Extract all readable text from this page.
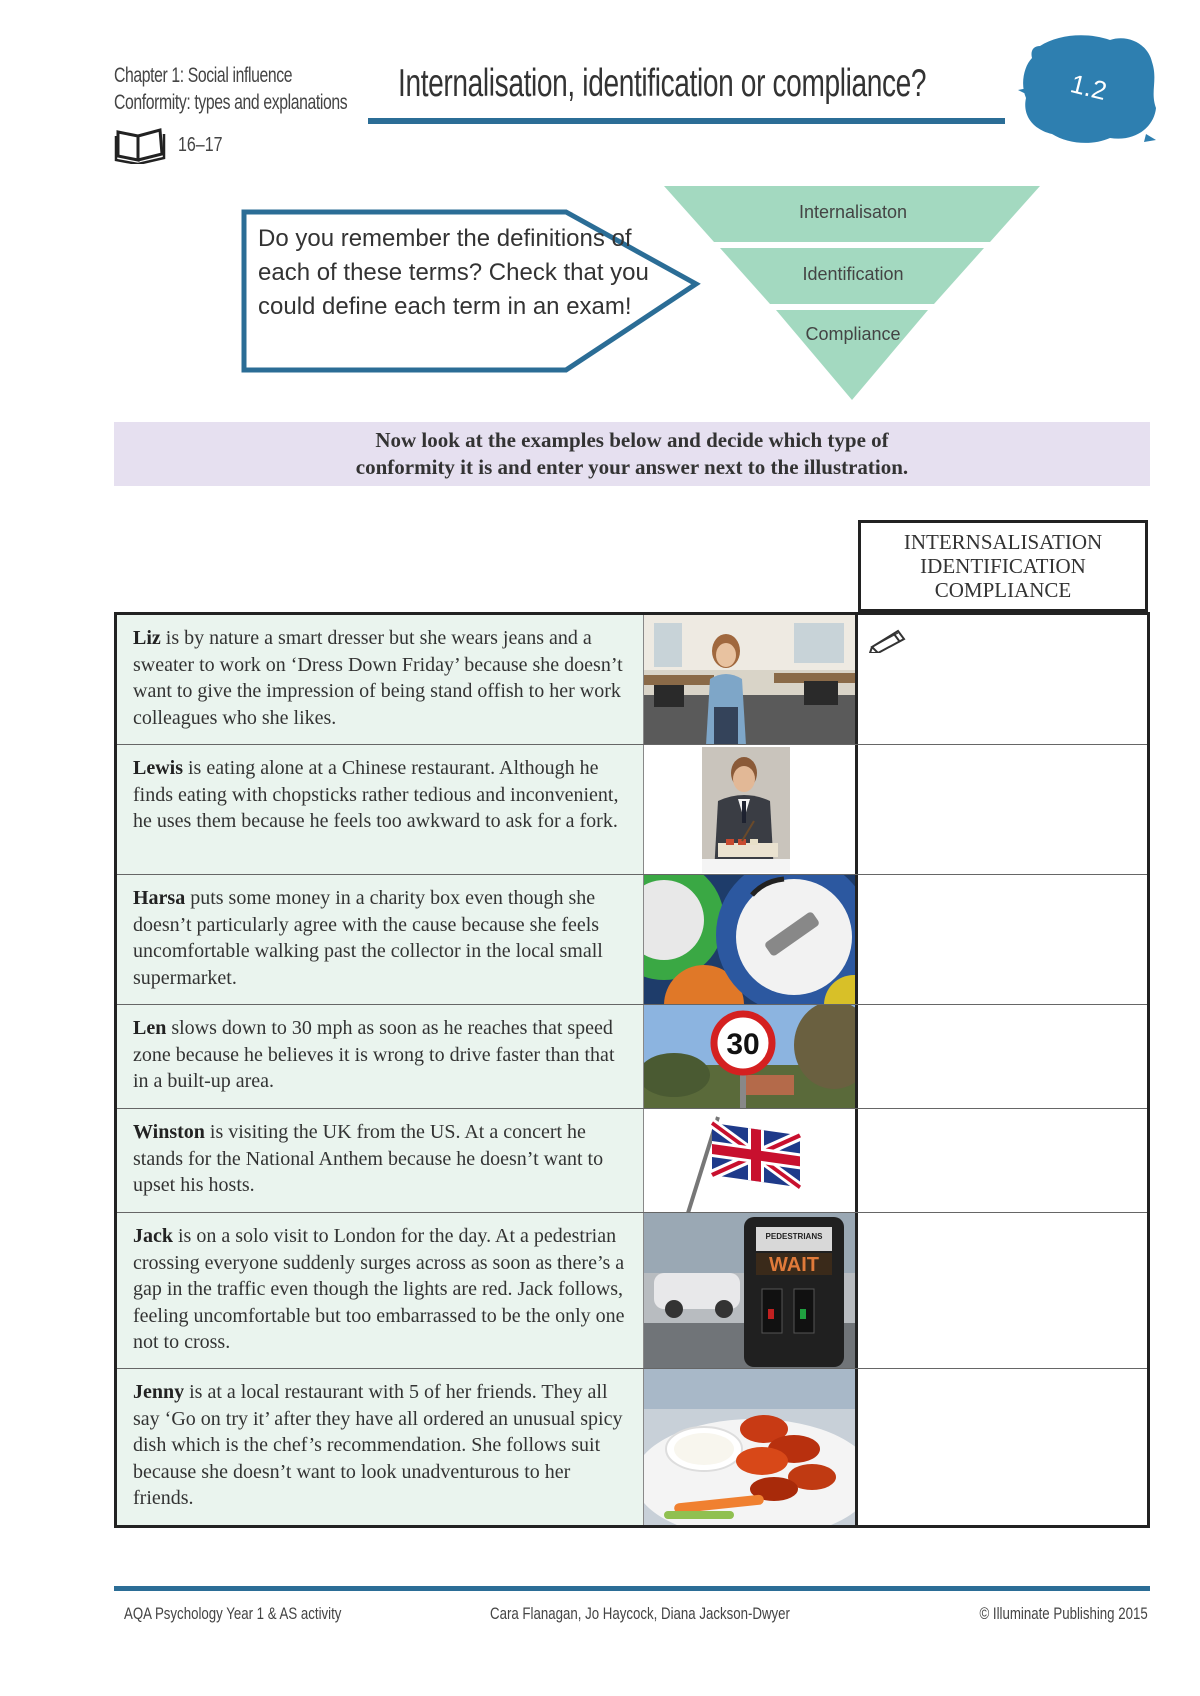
Chapter 1: Social influence
Conformity: types and explanations
16–17
Internalisation, identification or compliance?	1.2
Do you remember the definitions of each of these terms? Check that you could define each term in an exam!
Internalisaton
Identification
Compliance
Now look at the examples below and decide which type of
conformity it is and enter your answer next to the illustration.
INTERNSALISATION
IDENTIFICATION
COMPLIANCE
Liz is by nature a smart dresser but she wears jeans and a sweater to work on ‘Dress Down Friday’ because she doesn’t want to give the impression of being stand offish to her work colleagues who she likes.
Lewis is eating alone at a Chinese restaurant. Although he finds eating with chopsticks rather tedious and inconvenient, he uses them because he feels too awkward to ask for a fork.
Harsa puts some money in a charity box even though she doesn’t particularly agree with the cause because she feels uncomfortable walking past the collector in the local small supermarket.
Len slows down to 30 mph as soon as he reaches that speed zone because he believes it is wrong to drive faster than that in a built-up area.
30
Winston is visiting the UK from the US. At a concert he stands for the National Anthem because he doesn’t want to upset his hosts.
Jack is on a solo visit to London for the day. At a pedestrian crossing everyone suddenly surges across as soon as there’s a gap in the traffic even though the lights are red. Jack follows, feeling uncomfortable but too embarrassed to be the only one not to cross.
PEDESTRIANS
WAIT
Jenny is at a local restaurant with 5 of her friends. They all say ‘Go on try it’ after they have all ordered an unusual spicy dish which is the chef’s recommendation. She follows suit because she doesn’t want to look unadventurous to her friends.
AQA Psychology Year 1 & AS activity	Cara Flanagan, Jo Haycock, Diana Jackson-Dwyer	© Illuminate Publishing 2015
